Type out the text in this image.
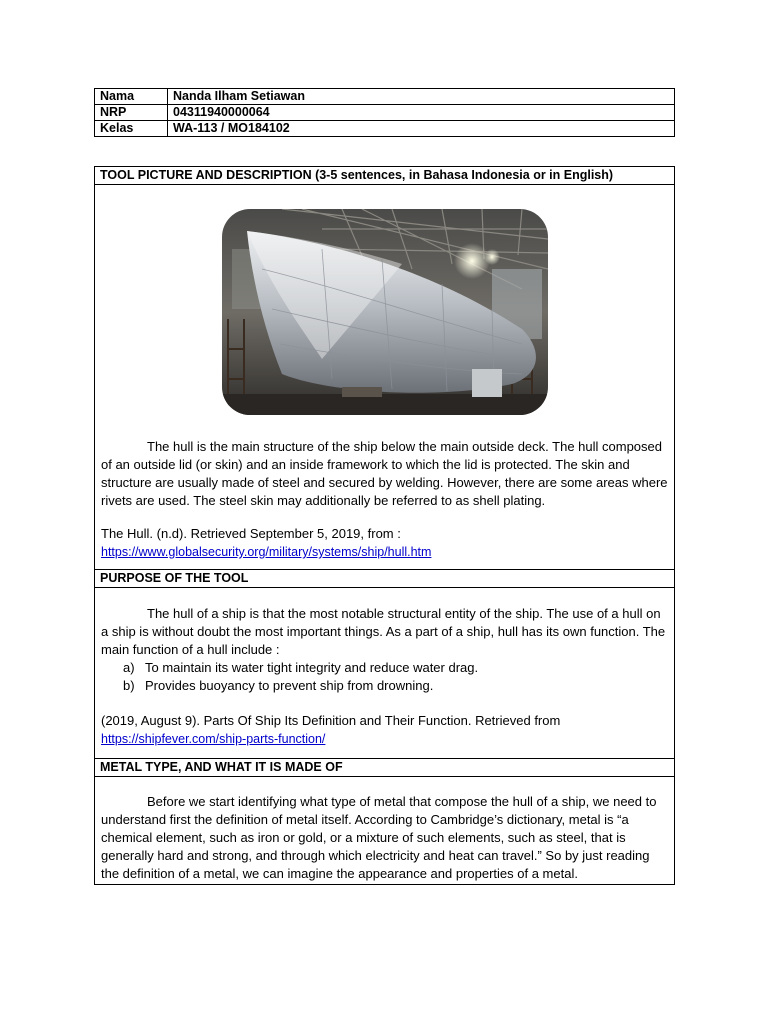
Nama	Nanda Ilham Setiawan
NRP	04311940000064
Kelas	WA-113 / MO184102
TOOL PICTURE AND DESCRIPTION (3-5 sentences, in Bahasa Indonesia or in English)

The hull is the main structure of the ship below the main outside deck. The hull composed of an outside lid (or skin) and an inside framework to which the lid is protected. The skin and structure are usually made of steel and secured by welding. However, there are some areas where rivets are used. The steel skin may additionally be referred to as shell plating.

The Hull. (n.d). Retrieved September 5, 2019, from :

https://www.globalsecurity.org/military/systems/ship/hull.htm
PURPOSE OF THE TOOL

The hull of a ship is that the most notable structural entity of the ship. The use of a hull on a ship is without doubt the most important things. As a part of a ship, hull has its own function. The main function of a hull include :

a) To maintain its water tight integrity and reduce water drag.
b) Provides buoyancy to prevent ship from drowning.

(2019, August 9). Parts Of Ship Its Definition and Their Function. Retrieved from

https://shipfever.com/ship-parts-function/
METAL TYPE, AND WHAT IT IS MADE OF

Before we start identifying what type of metal that compose the hull of a ship, we need to understand first the definition of metal itself. According to Cambridge’s dictionary, metal is “a chemical element, such as iron or gold, or a mixture of such elements, such as steel, that is generally hard and strong, and through which electricity and heat can travel.” So by just reading the definition of a metal, we can imagine the appearance and properties of a metal.
